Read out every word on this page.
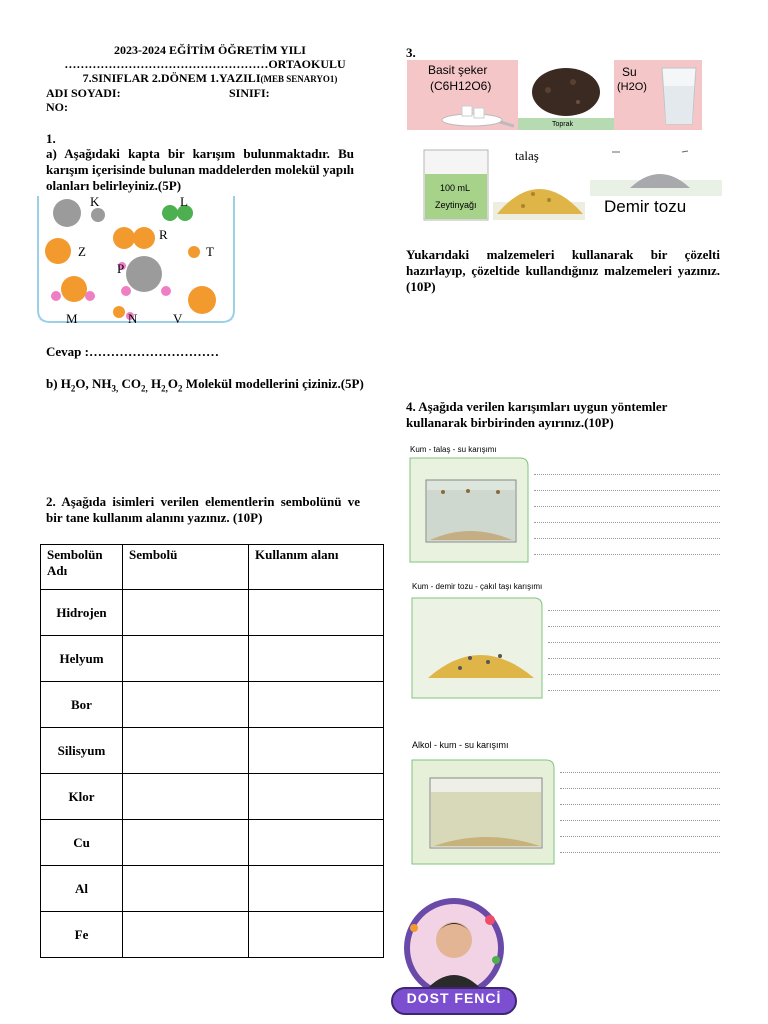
2023-2024 EĞİTİM ÖĞRETİM YILI
……………………………………………ORTAOKULU
7.SINIFLAR 2.DÖNEM 1.YAZILI(MEB SENARYO1)
ADI SOYADI:	SINIFI:
NO:
1.
a) Aşağıdaki kapta bir karışım bulunmaktadır. Bu karışım içerisinde bulunan maddelerden molekül yapılı olanları belirleyiniz.(5P)
K	L
R
Z	T
P
M	N	V
Cevap :…………………………
b) $H_2O$, $NH_{3,}$ $CO_{2,}$ $H_{2,}O_2$ Molekül modellerini çiziniz.(5P)
2. Aşağıda isimleri verilen elementlerin sembolünü ve bir tane kullanım alanını yazınız. (10P)
Sembolün Adı	Sembolü	Kullanım alanı
Hidrojen		
Helyum		
Bor		
Silisyum		
Klor		
Cu		
Al		
Fe		
3.
Basit şeker
(C6H12O6)
Toprak
Su
(H2O)
100 mL
Zeytinyağı
talaş
Demir tozu
Yukarıdaki malzemeleri kullanarak bir çözelti hazırlayıp, çözeltide kullandığınız malzemeleri yazınız.(10P)
4. Aşağıda verilen karışımları uygun yöntemler kullanarak birbirinden ayırınız.(10P)
Kum - talaş - su karışımı
Kum - demir tozu - çakıl taşı karışımı
Alkol - kum - su karışımı
DOST FENCİ
